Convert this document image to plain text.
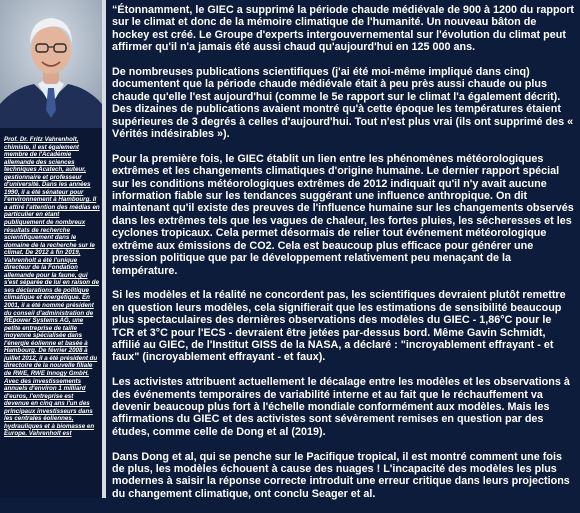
Prof. Dr. Fritz Vahrenholt, chimiste, il est également membre de l'Académie allemande des sciences techniques Acatech, auteur, gestionnaire et professeur d'université. Dans les années 1990, il a été sénateur pour l'environnement à Hambourg. Il a attiré l'attention des médias en particulier en étant publiquement de nombreux résultats de recherche scientifiquement dans le domaine de la recherche sur le climat. De 2012 à fin 2019, Vahrenholt a été l'unique directeur de la Fondation allemande pour la faune, qui s'est séparée de lui en raison de ses déclarations de politique climatique et énergétique. En 2001, il a été nommé président du conseil d'administration de REpower Systems AG, une petite entreprise de taille moyenne spécialisée dans l'énergie éolienne et basée à Hambourg. De février 2008 à juillet 2012, il a été président du directoire de la nouvelle filiale de RWE, RWE Innogy GmbH. Avec des investissements annuels d'environ 1 milliard d'euros, l'entreprise est devenue en cinq ans l'un des principaux investisseurs dans les centrales éoliennes, hydrauliques et à biomasse en Europe. Vahrenholt est

“Étonnamment, le GIEC a supprimé la période chaude médiévale de 900 à 1200 du rapport sur le climat et donc de la mémoire climatique de l'humanité. Un nouveau bâton de hockey est créé. Le Groupe d'experts intergouvernemental sur l'évolution du climat peut affirmer qu'il n'a jamais été aussi chaud qu'aujourd'hui en 125 000 ans.

De nombreuses publications scientifiques (j'ai été moi-même impliqué dans cinq) documentent que la période chaude médiévale était à peu près aussi chaude ou plus chaude qu'elle l'est aujourd'hui (comme le 5e rapport sur le climat l'a également décrit). Des dizaines de publications avaient montré qu'à cette époque les températures étaient supérieures de 3 degrés à celles d'aujourd'hui. Tout n'est plus vrai (ils ont supprimé des « Vérités indésirables »).

Pour la première fois, le GIEC établit un lien entre les phénomènes météorologiques extrêmes et les changements climatiques d'origine humaine. Le dernier rapport spécial sur les conditions météorologiques extrêmes de 2012 indiquait qu'il n'y avait aucune information fiable sur les tendances suggérant une influence anthropique. On dit maintenant qu'il existe des preuves de l'influence humaine sur les changements observés dans les extrêmes tels que les vagues de chaleur, les fortes pluies, les sécheresses et les cyclones tropicaux. Cela permet désormais de relier tout événement météorologique extrême aux émissions de CO2. Cela est beaucoup plus efficace pour générer une pression politique que par le développement relativement peu menaçant de la température.

Si les modèles et la réalité ne concordent pas, les scientifiques devraient plutôt remettre en question leurs modèles, cela signifierait que les estimations de sensibilité beaucoup plus spectaculaires des dernières observations des modèles du GIEC - 1,86°C pour le TCR et 3°C pour l'ECS - devraient être jetées par-dessus bord. Même Gavin Schmidt, affilié au GIEC, de l'Institut GISS de la NASA, a déclaré : "incroyablement effrayant - et faux" (incroyablement effrayant - et faux).

Les activistes attribuent actuellement le décalage entre les modèles et les observations à des événements temporaires de variabilité interne et au fait que le réchauffement va devenir beaucoup plus fort à l'échelle mondiale conformément aux modèles. Mais les affirmations du GIEC et des activistes sont sévèrement remises en question par des études, comme celle de Dong et al (2019).

Dans Dong et al, qui se penche sur le Pacifique tropical, il est montré comment une fois de plus, les modèles échouent à cause des nuages ! L'incapacité des modèles les plus modernes à saisir la réponse correcte introduit une erreur critique dans leurs projections du changement climatique, ont conclu Seager et al.
